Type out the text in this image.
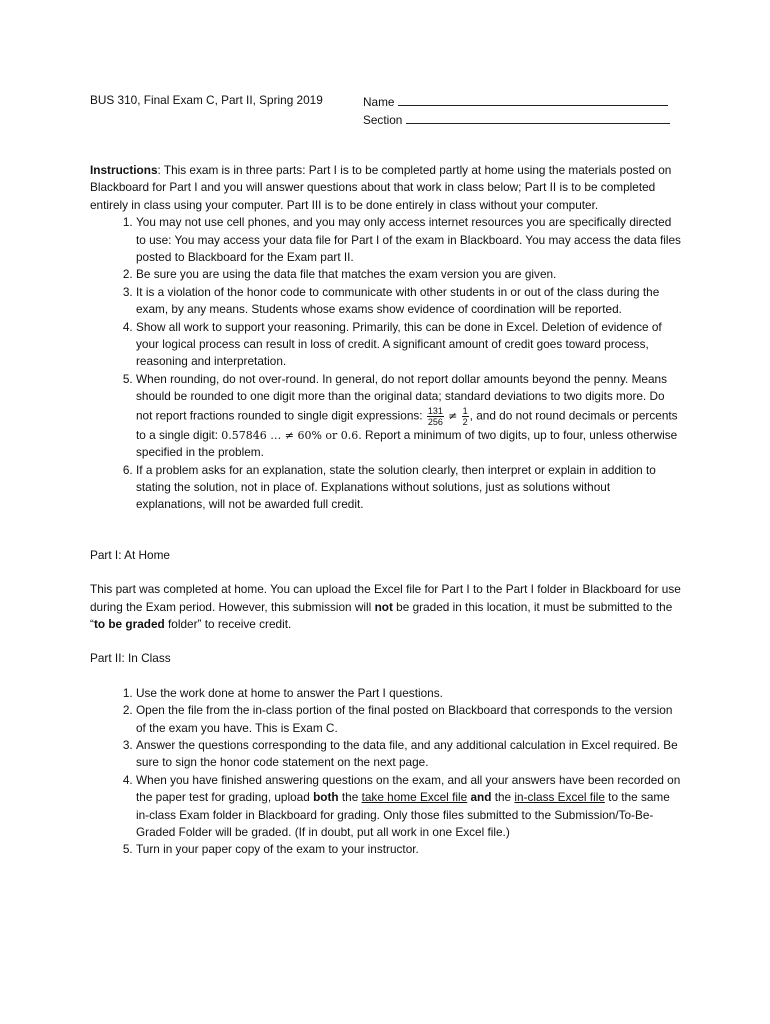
BUS 310, Final Exam C, Part II, Spring 2019	Name
Section

Instructions: This exam is in three parts: Part I is to be completed partly at home using the materials posted on Blackboard for Part I and you will answer questions about that work in class below; Part II is to be completed entirely in class using your computer. Part III is to be done entirely in class without your computer.

1. You may not use cell phones, and you may only access internet resources you are specifically directed to use: You may access your data file for Part I of the exam in Blackboard. You may access the data files posted to Blackboard for the Exam part II.
2. Be sure you are using the data file that matches the exam version you are given.
3. It is a violation of the honor code to communicate with other students in or out of the class during the exam, by any means. Students whose exams show evidence of coordination will be reported.
4. Show all work to support your reasoning. Primarily, this can be done in Excel. Deletion of evidence of your logical process can result in loss of credit. A significant amount of credit goes toward process, reasoning and interpretation.
5. When rounding, do not over-round. In general, do not report dollar amounts beyond the penny. Means should be rounded to one digit more than the original data; standard deviations to two digits more. Do not report fractions rounded to single digit expressions: $\frac{131}{256} \ne \frac{1}{2}$ , and do not round decimals or percents to a single digit: 0.57846 … ≠ 60% or 0.6. Report a minimum of two digits, up to four, unless otherwise specified in the problem.
6. If a problem asks for an explanation, state the solution clearly, then interpret or explain in addition to stating the solution, not in place of. Explanations without solutions, just as solutions without explanations, will not be awarded full credit.

Part I: At Home

This part was completed at home. You can upload the Excel file for Part I to the Part I folder in Blackboard for use during the Exam period. However, this submission will not be graded in this location, it must be submitted to the “to be graded folder” to receive credit.

Part II: In Class

1. Use the work done at home to answer the Part I questions.
2. Open the file from the in-class portion of the final posted on Blackboard that corresponds to the version of the exam you have. This is Exam C.
3. Answer the questions corresponding to the data file, and any additional calculation in Excel required. Be sure to sign the honor code statement on the next page.
4. When you have finished answering questions on the exam, and all your answers have been recorded on the paper test for grading, upload both the take home Excel file and the in-class Excel file to the same in-class Exam folder in Blackboard for grading. Only those files submitted to the Submission/To-Be-Graded Folder will be graded. (If in doubt, put all work in one Excel file.)
5. Turn in your paper copy of the exam to your instructor.
